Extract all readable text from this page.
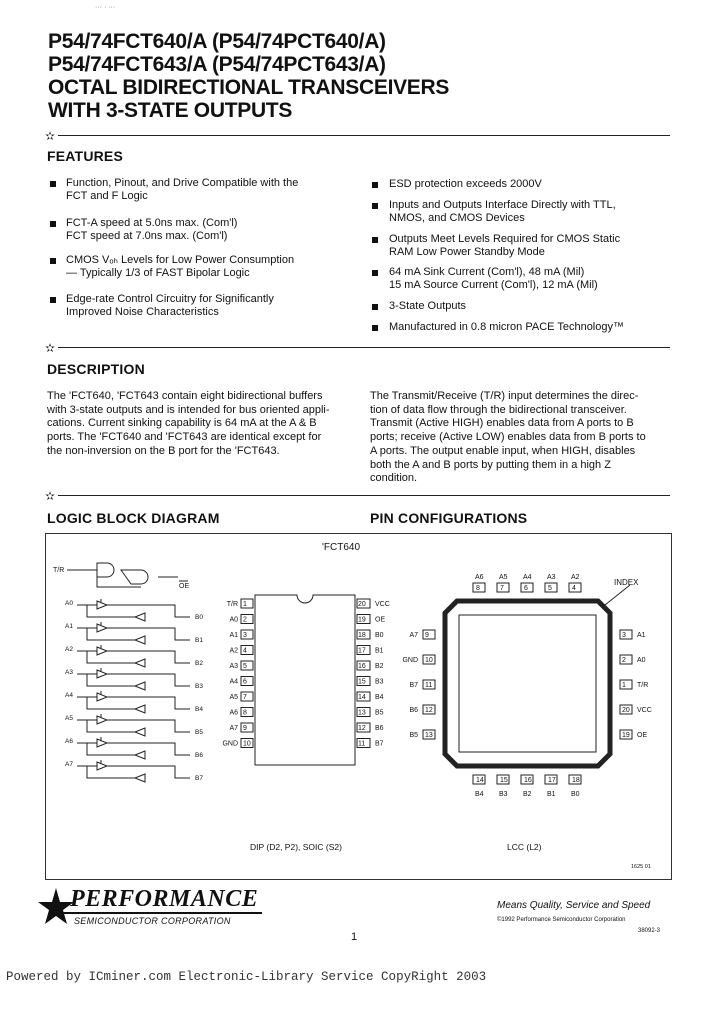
··· · ···
P54/74FCT640/A (P54/74PCT640/A)
P54/74FCT643/A (P54/74PCT643/A)
OCTAL BIDIRECTIONAL TRANSCEIVERS
WITH 3-STATE OUTPUTS
✫
FEATURES
Function, Pinout, and Drive Compatible with the
FCT and F Logic
FCT-A speed at 5.0ns max. (Com'l)
FCT speed at 7.0ns max. (Com'l)
CMOS Vₒₕ Levels for Low Power Consumption
— Typically 1/3 of FAST Bipolar Logic
Edge-rate Control Circuitry for Significantly
Improved Noise Characteristics
ESD protection exceeds 2000V
Inputs and Outputs Interface Directly with TTL,
NMOS, and CMOS Devices
Outputs Meet Levels Required for CMOS Static
RAM Low Power Standby Mode
64 mA Sink Current (Com'l), 48 mA (Mil)
15 mA Source Current (Com'l), 12 mA (Mil)
3-State Outputs
Manufactured in 0.8 micron PACE Technology™
✫
DESCRIPTION
The 'FCT640, 'FCT643 contain eight bidirectional buffers
with 3-state outputs and is intended for bus oriented appli-
cations. Current sinking capability is 64 mA at the A & B
ports. The 'FCT640 and 'FCT643 are identical except for
the non-inversion on the B port for the 'FCT643.
The Transmit/Receive (T/R) input determines the direc-
tion of data flow through the bidirectional transceiver.
Transmit (Active HIGH) enables data from A ports to B
ports; receive (Active LOW) enables data from B ports to
A ports. The output enable input, when HIGH, disables
both the A and B ports by putting them in a high Z
condition.
✫
LOGIC BLOCK DIAGRAM	PIN CONFIGURATIONS
'FCT640
T/R
OE
A0
B0
A1
B1
A2
B2
A3
B3
A4
B4
A5
B5
A6
B6
A7
B7
1
T/R
2
A0
3
A1
4
A2
5
A3
6
A4
7
A5
8
A6
9
A7
10
GND
20 VCC
19 OE
18 B0
17 B1
16 B2
15 B3
14 B4
13 B5
12 B6
11 B7
A6
8
A5
7
A4
6
A3
5
A2
4
14
B4
15
B3
16
B2
17
B1
18
B0
9
A7
10
GND
11
B7
12
B6
13
B5
3 A1
2 A0
1 T/R
20 VCC
19 OE
DIP (D2, P2), SOIC (S2)	LCC (L2)
1625 01
INDEX
PERFORMANCE
SEMICONDUCTOR CORPORATION
Means Quality, Service and Speed
©1992 Performance Semiconductor Corporation
38092-3
1
Powered by ICminer.com Electronic-Library Service CopyRight 2003
